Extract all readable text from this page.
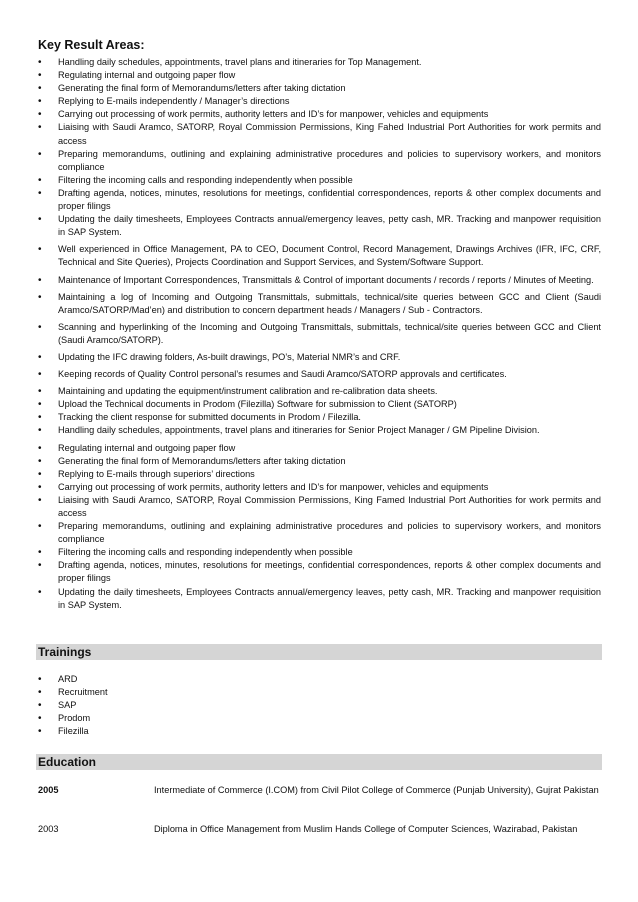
Key Result Areas:
• Handling daily schedules, appointments, travel plans and itineraries for Top Management.
• Regulating internal and outgoing paper flow
• Generating the final form of Memorandums/letters after taking dictation
• Replying to E-mails independently / Manager’s directions
• Carrying out processing of work permits, authority letters and ID’s for manpower, vehicles and equipments
• Liaising with Saudi Aramco, SATORP, Royal Commission Permissions, King Fahed Industrial Port Authorities for work permits and access
• Preparing memorandums, outlining and explaining administrative procedures and policies to supervisory workers, and monitors compliance
• Filtering the incoming calls and responding independently when possible
• Drafting agenda, notices, minutes, resolutions for meetings, confidential correspondences, reports & other complex documents and proper filings
• Updating the daily timesheets, Employees Contracts annual/emergency leaves, petty cash, MR. Tracking and manpower requisition in SAP System.
• Well experienced in Office Management, PA to CEO, Document Control, Record Management, Drawings Archives (IFR, IFC, CRF, Technical and Site Queries), Projects Coordination and Support Services, and System/Software Support.
• Maintenance of Important Correspondences, Transmittals & Control of important documents / records / reports / Minutes of Meeting.
• Maintaining a log of Incoming and Outgoing Transmittals, submittals, technical/site queries between GCC and Client (Saudi Aramco/SATORP/Mad’en) and distribution to concern department heads / Managers / Sub - Contractors.
• Scanning and hyperlinking of the Incoming and Outgoing Transmittals, submittals, technical/site queries between GCC and Client (Saudi Aramco/SATORP).
• Updating the IFC drawing folders, As-built drawings, PO’s, Material NMR’s and CRF.
• Keeping records of Quality Control personal’s resumes and Saudi Aramco/SATORP approvals and certificates.
• Maintaining and updating the equipment/instrument calibration and re-calibration data sheets.
• Upload the Technical documents in Prodom (Filezilla) Software for submission to Client (SATORP)
• Tracking the client response for submitted documents in Prodom / Filezilla.
• Handling daily schedules, appointments, travel plans and itineraries for Senior Project Manager / GM Pipeline Division.
• Regulating internal and outgoing paper flow
• Generating the final form of Memorandums/letters after taking dictation
• Replying to E-mails through superiors’ directions
• Carrying out processing of work permits, authority letters and ID’s for manpower, vehicles and equipments
• Liaising with Saudi Aramco, SATORP, Royal Commission Permissions, King Famed Industrial Port Authorities for work permits and access
• Preparing memorandums, outlining and explaining administrative procedures and policies to supervisory workers, and monitors compliance
• Filtering the incoming calls and responding independently when possible
• Drafting agenda, notices, minutes, resolutions for meetings, confidential correspondences, reports & other complex documents and proper filings
• Updating the daily timesheets, Employees Contracts annual/emergency leaves, petty cash, MR. Tracking and manpower requisition in SAP System.
Trainings
• ARD
• Recruitment
• SAP
• Prodom
• Filezilla
Education
2005	Intermediate of Commerce (I.COM) from Civil Pilot College of Commerce (Punjab University), Gujrat Pakistan
2003	Diploma in Office Management from Muslim Hands College of Computer Sciences, Wazirabad, Pakistan
